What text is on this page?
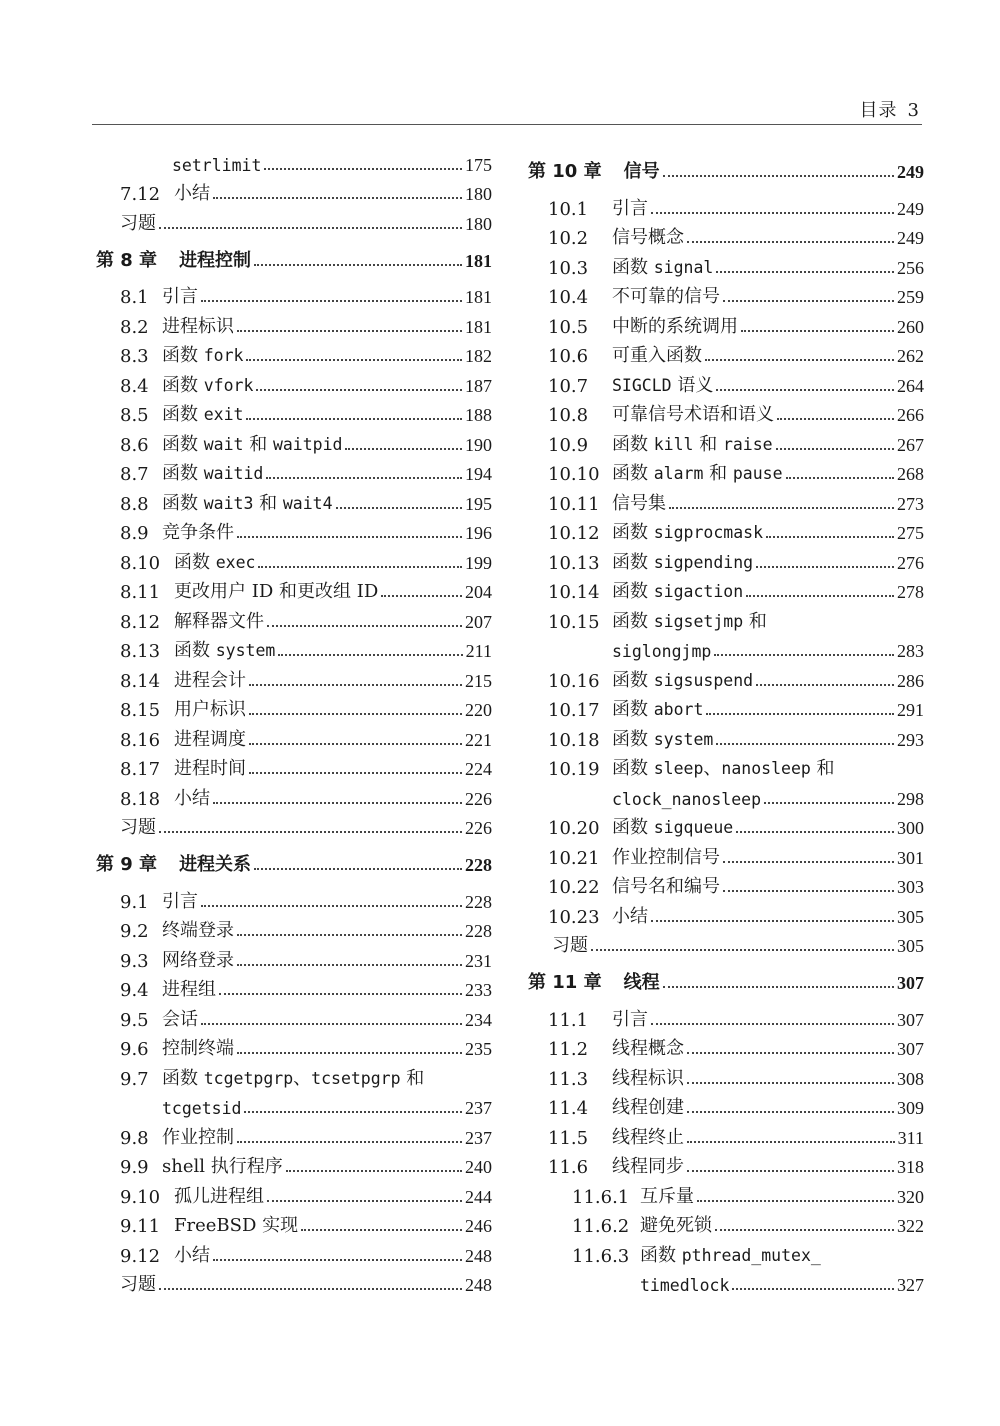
目录 3
setrlimit	175
7.12 小结	180
习题	180
第 8 章 进程控制	181
8.1 引言	181
8.2 进程标识	181
8.3 函数 fork	182
8.4 函数 vfork	187
8.5 函数 exit	188
8.6 函数 wait 和 waitpid	190
8.7 函数 waitid	194
8.8 函数 wait3 和 wait4	195
8.9 竞争条件	196
8.10 函数 exec	199
8.11 更改用户 ID 和更改组 ID	204
8.12 解释器文件	207
8.13 函数 system	211
8.14 进程会计	215
8.15 用户标识	220
8.16 进程调度	221
8.17 进程时间	224
8.18 小结	226
习题	226
第 9 章 进程关系	228
9.1 引言	228
9.2 终端登录	228
9.3 网络登录	231
9.4 进程组	233
9.5 会话	234
9.6 控制终端	235
9.7 函数 tcgetpgrp、tcsetpgrp 和
tcgetsid	237
9.8 作业控制	237
9.9 shell 执行程序	240
9.10 孤儿进程组	244
9.11 FreeBSD 实现	246
9.12 小结	248
习题	248
第 10 章 信号	249
10.1	引言	249
10.2	信号概念	249
10.3	函数 signal	256
10.4	不可靠的信号	259
10.5	中断的系统调用	260
10.6	可重入函数	262
10.7	SIGCLD 语义	264
10.8	可靠信号术语和语义	266
10.9	函数 kill 和 raise	267
10.10 函数 alarm 和 pause	268
10.11 信号集	273
10.12 函数 sigprocmask	275
10.13 函数 sigpending	276
10.14 函数 sigaction	278
10.15 函数 sigsetjmp 和
siglongjmp	283
10.16 函数 sigsuspend	286
10.17 函数 abort	291
10.18 函数 system	293
10.19 函数 sleep、nanosleep 和
clock_nanosleep	298
10.20 函数 sigqueue	300
10.21 作业控制信号	301
10.22 信号名和编号	303
10.23 小结	305
习题	305
第 11 章 线程	307
11.1	引言	307
11.2	线程概念	307
11.3	线程标识	308
11.4	线程创建	309
11.5	线程终止	311
11.6	线程同步	318
11.6.1 互斥量	320
11.6.2 避免死锁	322
11.6.3 函数 pthread_mutex_
timedlock	327
